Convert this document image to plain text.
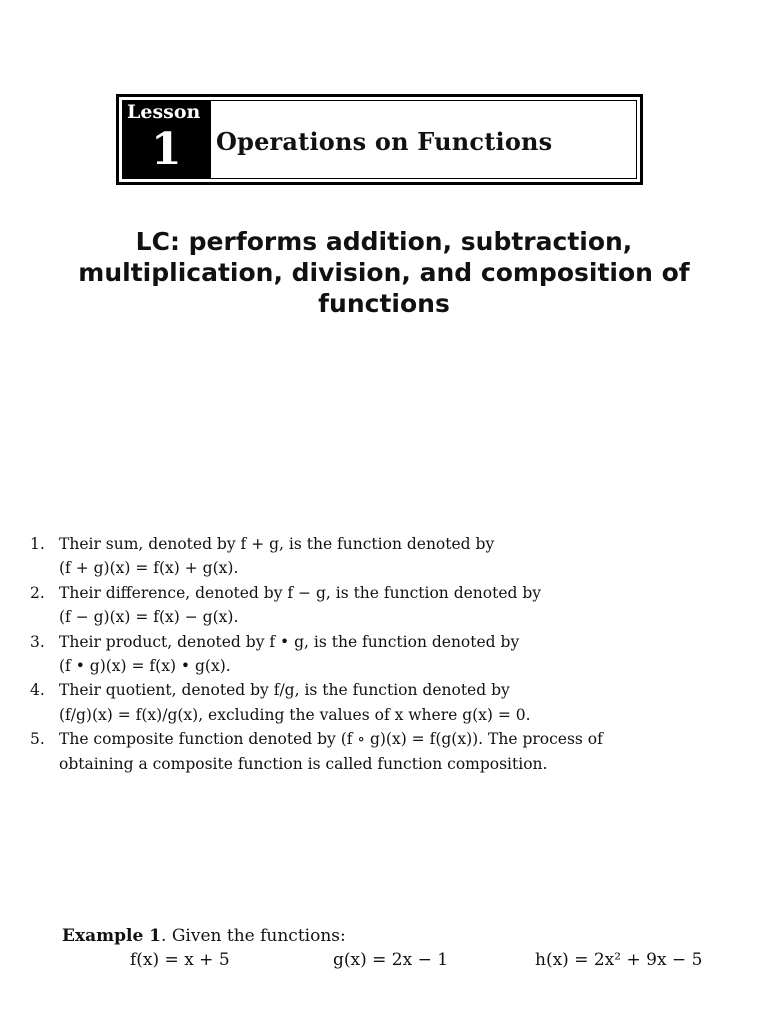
Lesson
1 Operations on Functions
LC: performs addition, subtraction,
multiplication, division, and composition of
functions
1. Their sum, denoted by f + g, is the function denoted by
(f + g)(x) = f(x) + g(x).
2. Their difference, denoted by f − g, is the function denoted by
(f − g)(x) = f(x) − g(x).
3. Their product, denoted by f • g, is the function denoted by
(f • g)(x) = f(x) • g(x).
4. Their quotient, denoted by f/g, is the function denoted by
(f/g)(x) = f(x)/g(x), excluding the values of x where g(x) = 0.
5. The composite function denoted by (f ∘ g)(x) = f(g(x)). The process of
obtaining a composite function is called function composition.
Example 1. Given the functions:
f(x) = x + 5	g(x) = 2x − 1	h(x) = 2x² + 9x − 5
